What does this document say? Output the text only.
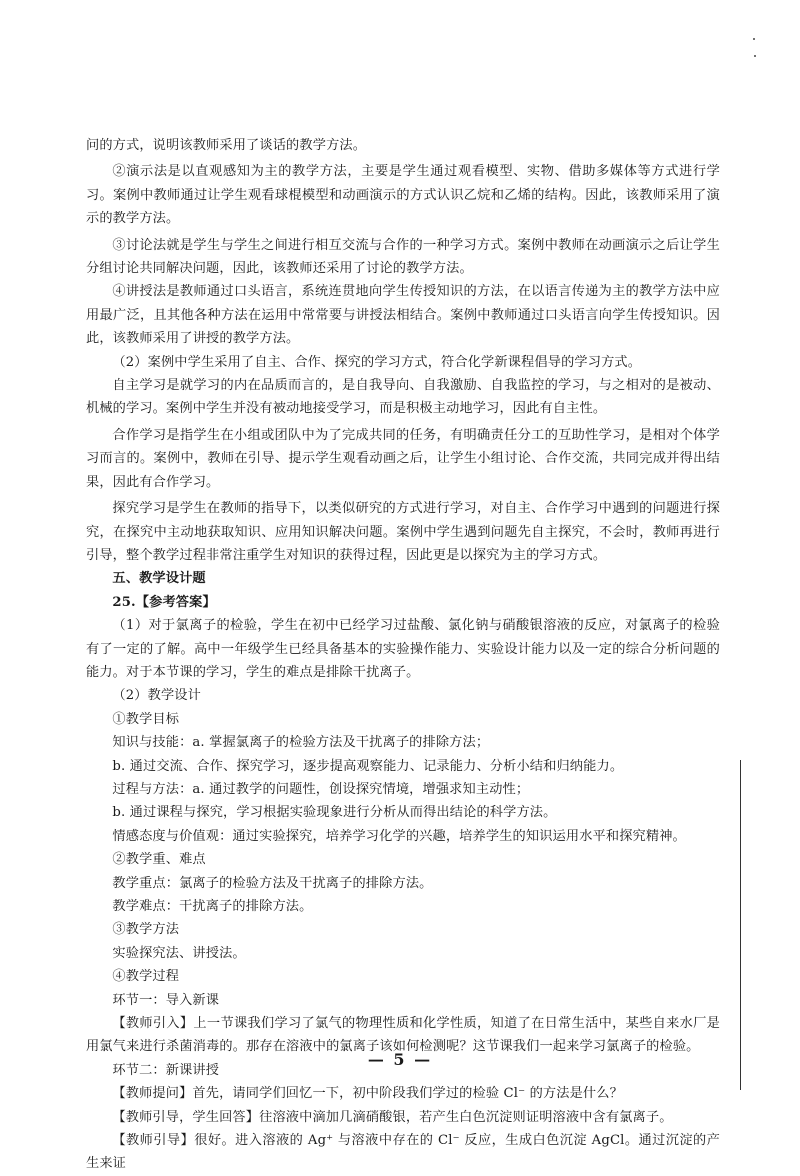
问的方式，说明该教师采用了谈话的教学方法。

②演示法是以直观感知为主的教学方法，主要是学生通过观看模型、实物、借助多媒体等方式进行学习。案例中教师通过让学生观看球棍模型和动画演示的方式认识乙烷和乙烯的结构。因此，该教师采用了演示的教学方法。

③讨论法就是学生与学生之间进行相互交流与合作的一种学习方式。案例中教师在动画演示之后让学生分组讨论共同解决问题，因此，该教师还采用了讨论的教学方法。

④讲授法是教师通过口头语言，系统连贯地向学生传授知识的方法，在以语言传递为主的教学方法中应用最广泛，且其他各种方法在运用中常常要与讲授法相结合。案例中教师通过口头语言向学生传授知识。因此，该教师采用了讲授的教学方法。

（2）案例中学生采用了自主、合作、探究的学习方式，符合化学新课程倡导的学习方式。

自主学习是就学习的内在品质而言的，是自我导向、自我激励、自我监控的学习，与之相对的是被动、机械的学习。案例中学生并没有被动地接受学习，而是积极主动地学习，因此有自主性。

合作学习是指学生在小组或团队中为了完成共同的任务，有明确责任分工的互助性学习，是相对个体学习而言的。案例中，教师在引导、提示学生观看动画之后，让学生小组讨论、合作交流，共同完成并得出结果，因此有合作学习。

探究学习是学生在教师的指导下，以类似研究的方式进行学习，对自主、合作学习中遇到的问题进行探究，在探究中主动地获取知识、应用知识解决问题。案例中学生遇到问题先自主探究，不会时，教师再进行引导，整个教学过程非常注重学生对知识的获得过程，因此更是以探究为主的学习方式。

五、教学设计题

25.【参考答案】

（1）对于氯离子的检验，学生在初中已经学习过盐酸、氯化钠与硝酸银溶液的反应，对氯离子的检验有了一定的了解。高中一年级学生已经具备基本的实验操作能力、实验设计能力以及一定的综合分析问题的能力。对于本节课的学习，学生的难点是排除干扰离子。

（2）教学设计

①教学目标

知识与技能：a. 掌握氯离子的检验方法及干扰离子的排除方法；

b. 通过交流、合作、探究学习，逐步提高观察能力、记录能力、分析小结和归纳能力。

过程与方法：a. 通过教学的问题性，创设探究情境，增强求知主动性；

b. 通过课程与探究，学习根据实验现象进行分析从而得出结论的科学方法。

情感态度与价值观：通过实验探究，培养学习化学的兴趣，培养学生的知识运用水平和探究精神。

②教学重、难点

教学重点：氯离子的检验方法及干扰离子的排除方法。

教学难点：干扰离子的排除方法。

③教学方法

实验探究法、讲授法。

④教学过程

环节一：导入新课

【教师引入】上一节课我们学习了氯气的物理性质和化学性质，知道了在日常生活中，某些自来水厂是用氯气来进行杀菌消毒的。那存在溶液中的氯离子该如何检测呢？这节课我们一起来学习氯离子的检验。

环节二：新课讲授

【教师提问】首先，请同学们回忆一下，初中阶段我们学过的检验 Cl⁻ 的方法是什么？

【教师引导，学生回答】往溶液中滴加几滴硝酸银，若产生白色沉淀则证明溶液中含有氯离子。

【教师引导】很好。进入溶液的 Ag⁺ 与溶液中存在的 Cl⁻ 反应，生成白色沉淀 AgCl。通过沉淀的产生来证

— 5 —
